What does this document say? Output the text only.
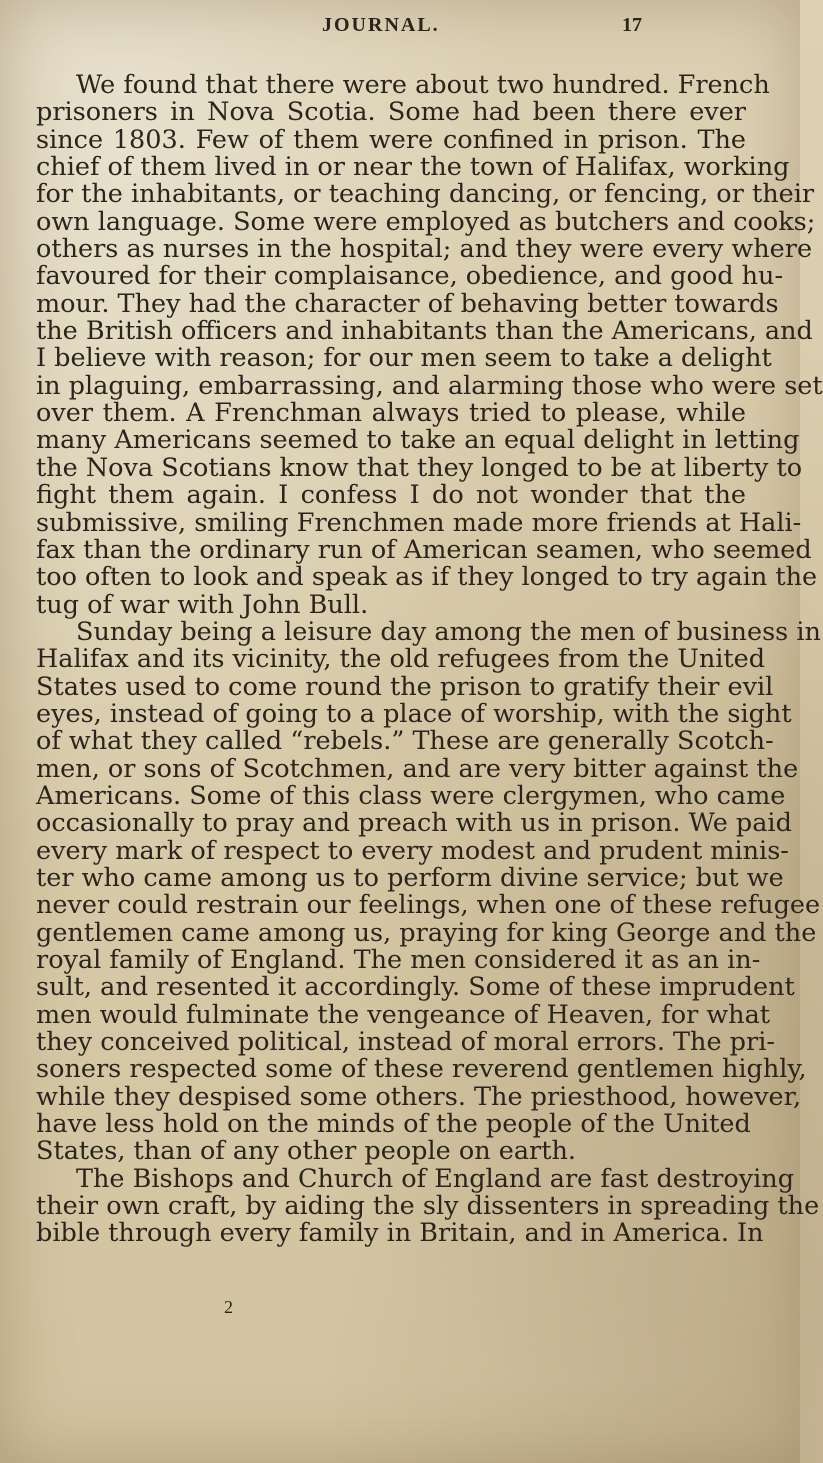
JOURNAL.	17
We found that there were about two hundred. French
prisoners in Nova Scotia. Some had been there ever
since 1803. Few of them were confined in prison. The
chief of them lived in or near the town of Halifax, working
for the inhabitants, or teaching dancing, or fencing, or their
own language. Some were employed as butchers and cooks;
others as nurses in the hospital; and they were every where
favoured for their complaisance, obedience, and good hu-
mour. They had the character of behaving better towards
the British officers and inhabitants than the Americans, and
I believe with reason; for our men seem to take a delight
in plaguing, embarrassing, and alarming those who were set
over them. A Frenchman always tried to please, while
many Americans seemed to take an equal delight in letting
the Nova Scotians know that they longed to be at liberty to
fight them again. I confess I do not wonder that the
submissive, smiling Frenchmen made more friends at Hali-
fax than the ordinary run of American seamen, who seemed
too often to look and speak as if they longed to try again the
tug of war with John Bull.
Sunday being a leisure day among the men of business in
Halifax and its vicinity, the old refugees from the United
States used to come round the prison to gratify their evil
eyes, instead of going to a place of worship, with the sight
of what they called “rebels.” These are generally Scotch-
men, or sons of Scotchmen, and are very bitter against the
Americans. Some of this class were clergymen, who came
occasionally to pray and preach with us in prison. We paid
every mark of respect to every modest and prudent minis-
ter who came among us to perform divine service; but we
never could restrain our feelings, when one of these refugee
gentlemen came among us, praying for king George and the
royal family of England. The men considered it as an in-
sult, and resented it accordingly. Some of these imprudent
men would fulminate the vengeance of Heaven, for what
they conceived political, instead of moral errors. The pri-
soners respected some of these reverend gentlemen highly,
while they despised some others. The priesthood, however,
have less hold on the minds of the people of the United
States, than of any other people on earth.
The Bishops and Church of England are fast destroying
their own craft, by aiding the sly dissenters in spreading the
bible through every family in Britain, and in America. In
2
